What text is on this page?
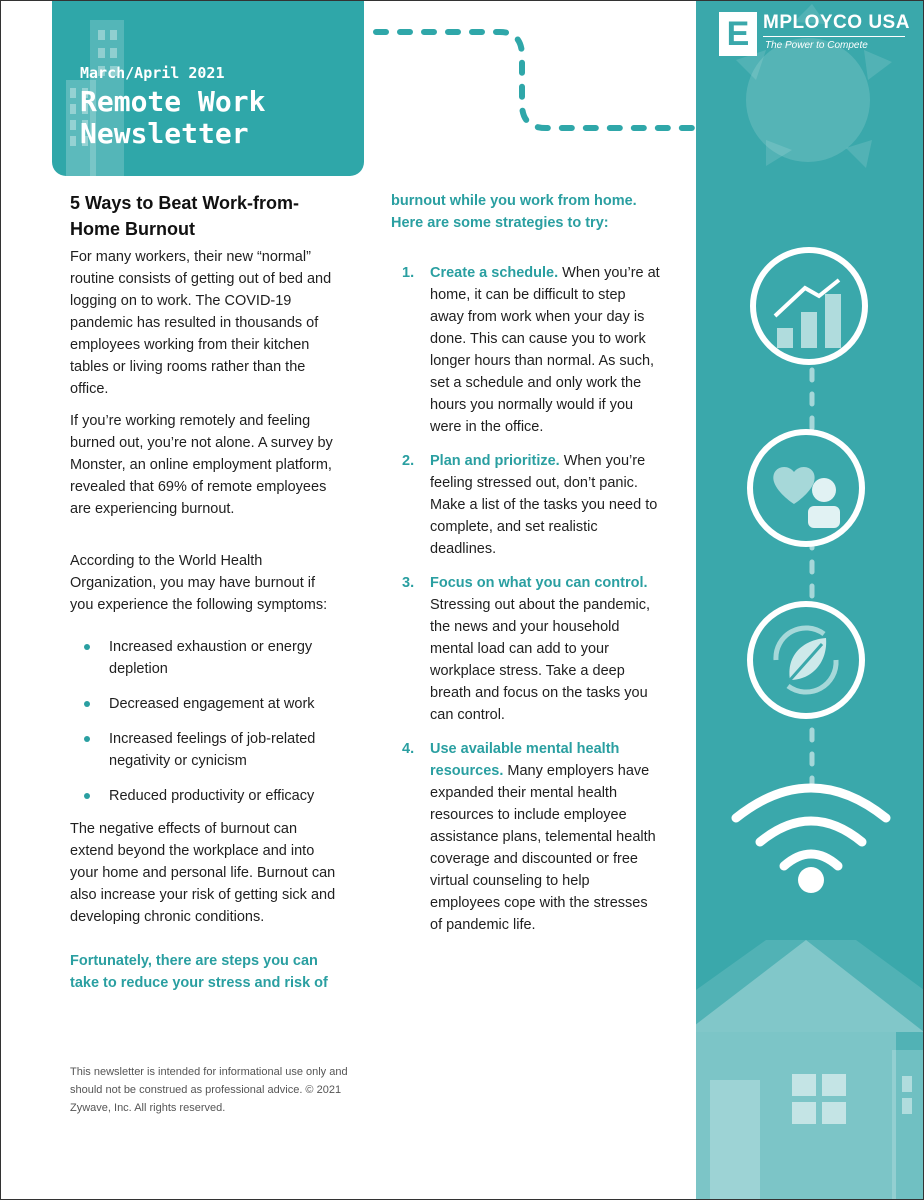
March/April 2021
Remote Work Newsletter
E MPLOYCO USA
The Power to Compete
5 Ways to Beat Work-from-Home Burnout

For many workers, their new “normal” routine consists of getting out of bed and logging on to work. The COVID-19 pandemic has resulted in thousands of employees working from their kitchen tables or living rooms rather than the office.

If you’re working remotely and feeling burned out, you’re not alone. A survey by Monster, an online employment platform, revealed that 69% of remote employees are experiencing burnout.

According to the World Health Organization, you may have burnout if you experience the following symptoms:

Increased exhaustion or energy depletion
Decreased engagement at work
Increased feelings of job-related negativity or cynicism
Reduced productivity or efficacy

The negative effects of burnout can extend beyond the workplace and into your home and personal life. Burnout can also increase your risk of getting sick and developing chronic conditions.

Fortunately, there are steps you can take to reduce your stress and risk of

burnout while you work from home. Here are some strategies to try:

1. Create a schedule. When you’re at home, it can be difficult to step away from work when your day is done. This can cause you to work longer hours than normal. As such, set a schedule and only work the hours you normally would if you were in the office.
2. Plan and prioritize. When you’re feeling stressed out, don’t panic. Make a list of the tasks you need to complete, and set realistic deadlines.
3. Focus on what you can control. Stressing out about the pandemic, the news and your household mental load can add to your workplace stress. Take a deep breath and focus on the tasks you can control.
4. Use available mental health resources. Many employers have expanded their mental health resources to include employee assistance plans, telemental health coverage and discounted or free virtual counseling to help employees cope with the stresses of pandemic life.
This newsletter is intended for informational use only and should not be construed as professional advice. © 2021 Zywave, Inc. All rights reserved.
